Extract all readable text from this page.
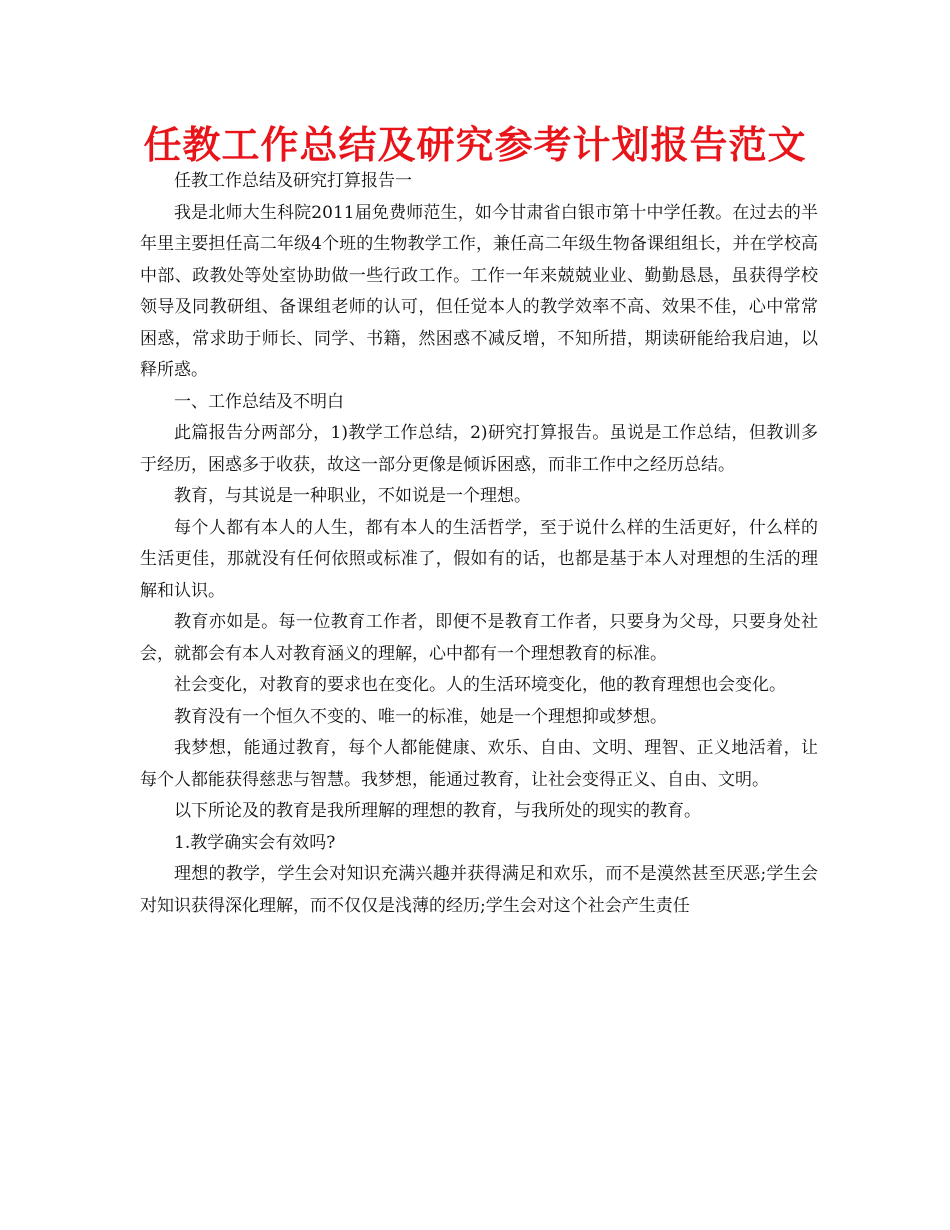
任教工作总结及研究参考计划报告范文

任教工作总结及研究打算报告一

我是北师大生科院2011届免费师范生，如今甘肃省白银市第十中学任教。在过去的半年里主要担任高二年级4个班的生物教学工作，兼任高二年级生物备课组组长，并在学校高中部、政教处等处室协助做一些行政工作。工作一年来兢兢业业、勤勤恳恳，虽获得学校领导及同教研组、备课组老师的认可，但任觉本人的教学效率不高、效果不佳，心中常常困惑，常求助于师长、同学、书籍，然困惑不减反增，不知所措，期读研能给我启迪，以释所惑。

一、工作总结及不明白

此篇报告分两部分，1)教学工作总结，2)研究打算报告。虽说是工作总结，但教训多于经历，困惑多于收获，故这一部分更像是倾诉困惑，而非工作中之经历总结。

教育，与其说是一种职业，不如说是一个理想。

每个人都有本人的人生，都有本人的生活哲学，至于说什么样的生活更好，什么样的生活更佳，那就没有任何依照或标准了，假如有的话，也都是基于本人对理想的生活的理解和认识。

教育亦如是。每一位教育工作者，即便不是教育工作者，只要身为父母，只要身处社会，就都会有本人对教育涵义的理解，心中都有一个理想教育的标准。

社会变化，对教育的要求也在变化。人的生活环境变化，他的教育理想也会变化。

教育没有一个恒久不变的、唯一的标准，她是一个理想抑或梦想。

我梦想，能通过教育，每个人都能健康、欢乐、自由、文明、理智、正义地活着，让每个人都能获得慈悲与智慧。我梦想，能通过教育，让社会变得正义、自由、文明。

以下所论及的教育是我所理解的理想的教育，与我所处的现实的教育。

1.教学确实会有效吗?

理想的教学，学生会对知识充满兴趣并获得满足和欢乐，而不是漠然甚至厌恶;学生会对知识获得深化理解，而不仅仅是浅薄的经历;学生会对这个社会产生责任
